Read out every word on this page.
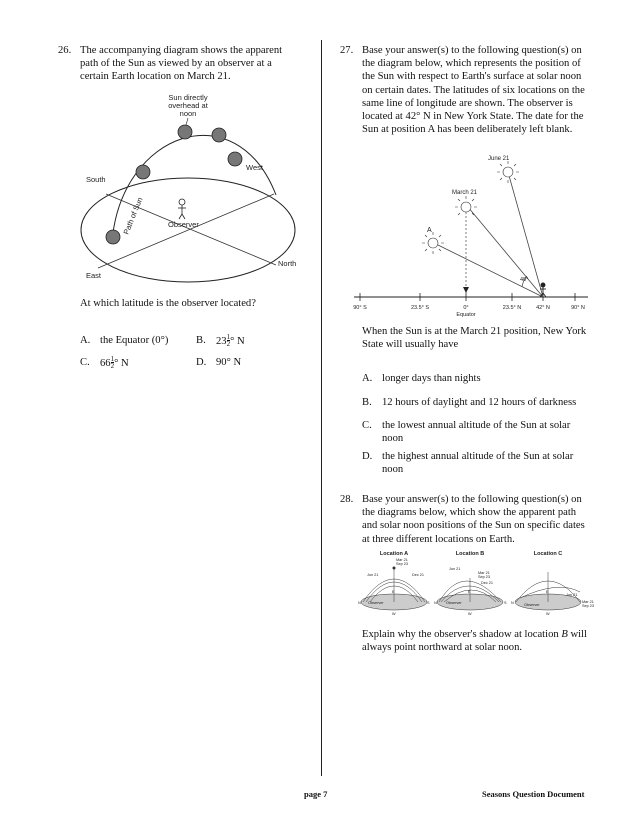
26. The accompanying diagram shows the apparent path of the Sun as viewed by an observer at a certain Earth location on March 21.
Sun directly
overhead at
noon
South
West
Path of Sun	Observer
East
North
At which latitude is the observer located?
A. the Equator (0°)	B. $23 \frac{1}{2}$ ° N
C. $66 \frac{1}{2}$ ° N	D. 90° N
27. Base your answer(s) to the following question(s) on the diagram below, which represents the position of the Sun with respect to Earth's surface at solar noon on certain dates. The latitudes of six locations on the same line of longitude are shown. The observer is located at 42° N in New York State. The date for the Sun at position A has been deliberately left blank.
June 21
March 21
A
48°
90° S	23.5° S	0°	23.5° N	42° N	90° N
Equator
When the Sun is at the March 21 position, New York State will usually have
A. longer days than nights
B. 12 hours of daylight and 12 hours of darkness
C. the lowest annual altitude of the Sun at solar noon
D. the highest annual altitude of the Sun at solar noon
28. Base your answer(s) to the following question(s) on the diagrams below, which show the apparent path and solar noon positions of the Sun on specific dates at three different locations on Earth.
Location A	Location B	Location C
Mar 21
Sep 23
Jun 21	Dec 21
Observer
N	S
E
W
Jun 21
Mar 21
Sep 23
Dec 21
Observer
N	S
E
W
Jun 21
Mar 21
Sep 23
Observer
N
E
W
Explain why the observer's shadow at location B will always point northward at solar noon.
page 7	Seasons Question Document
